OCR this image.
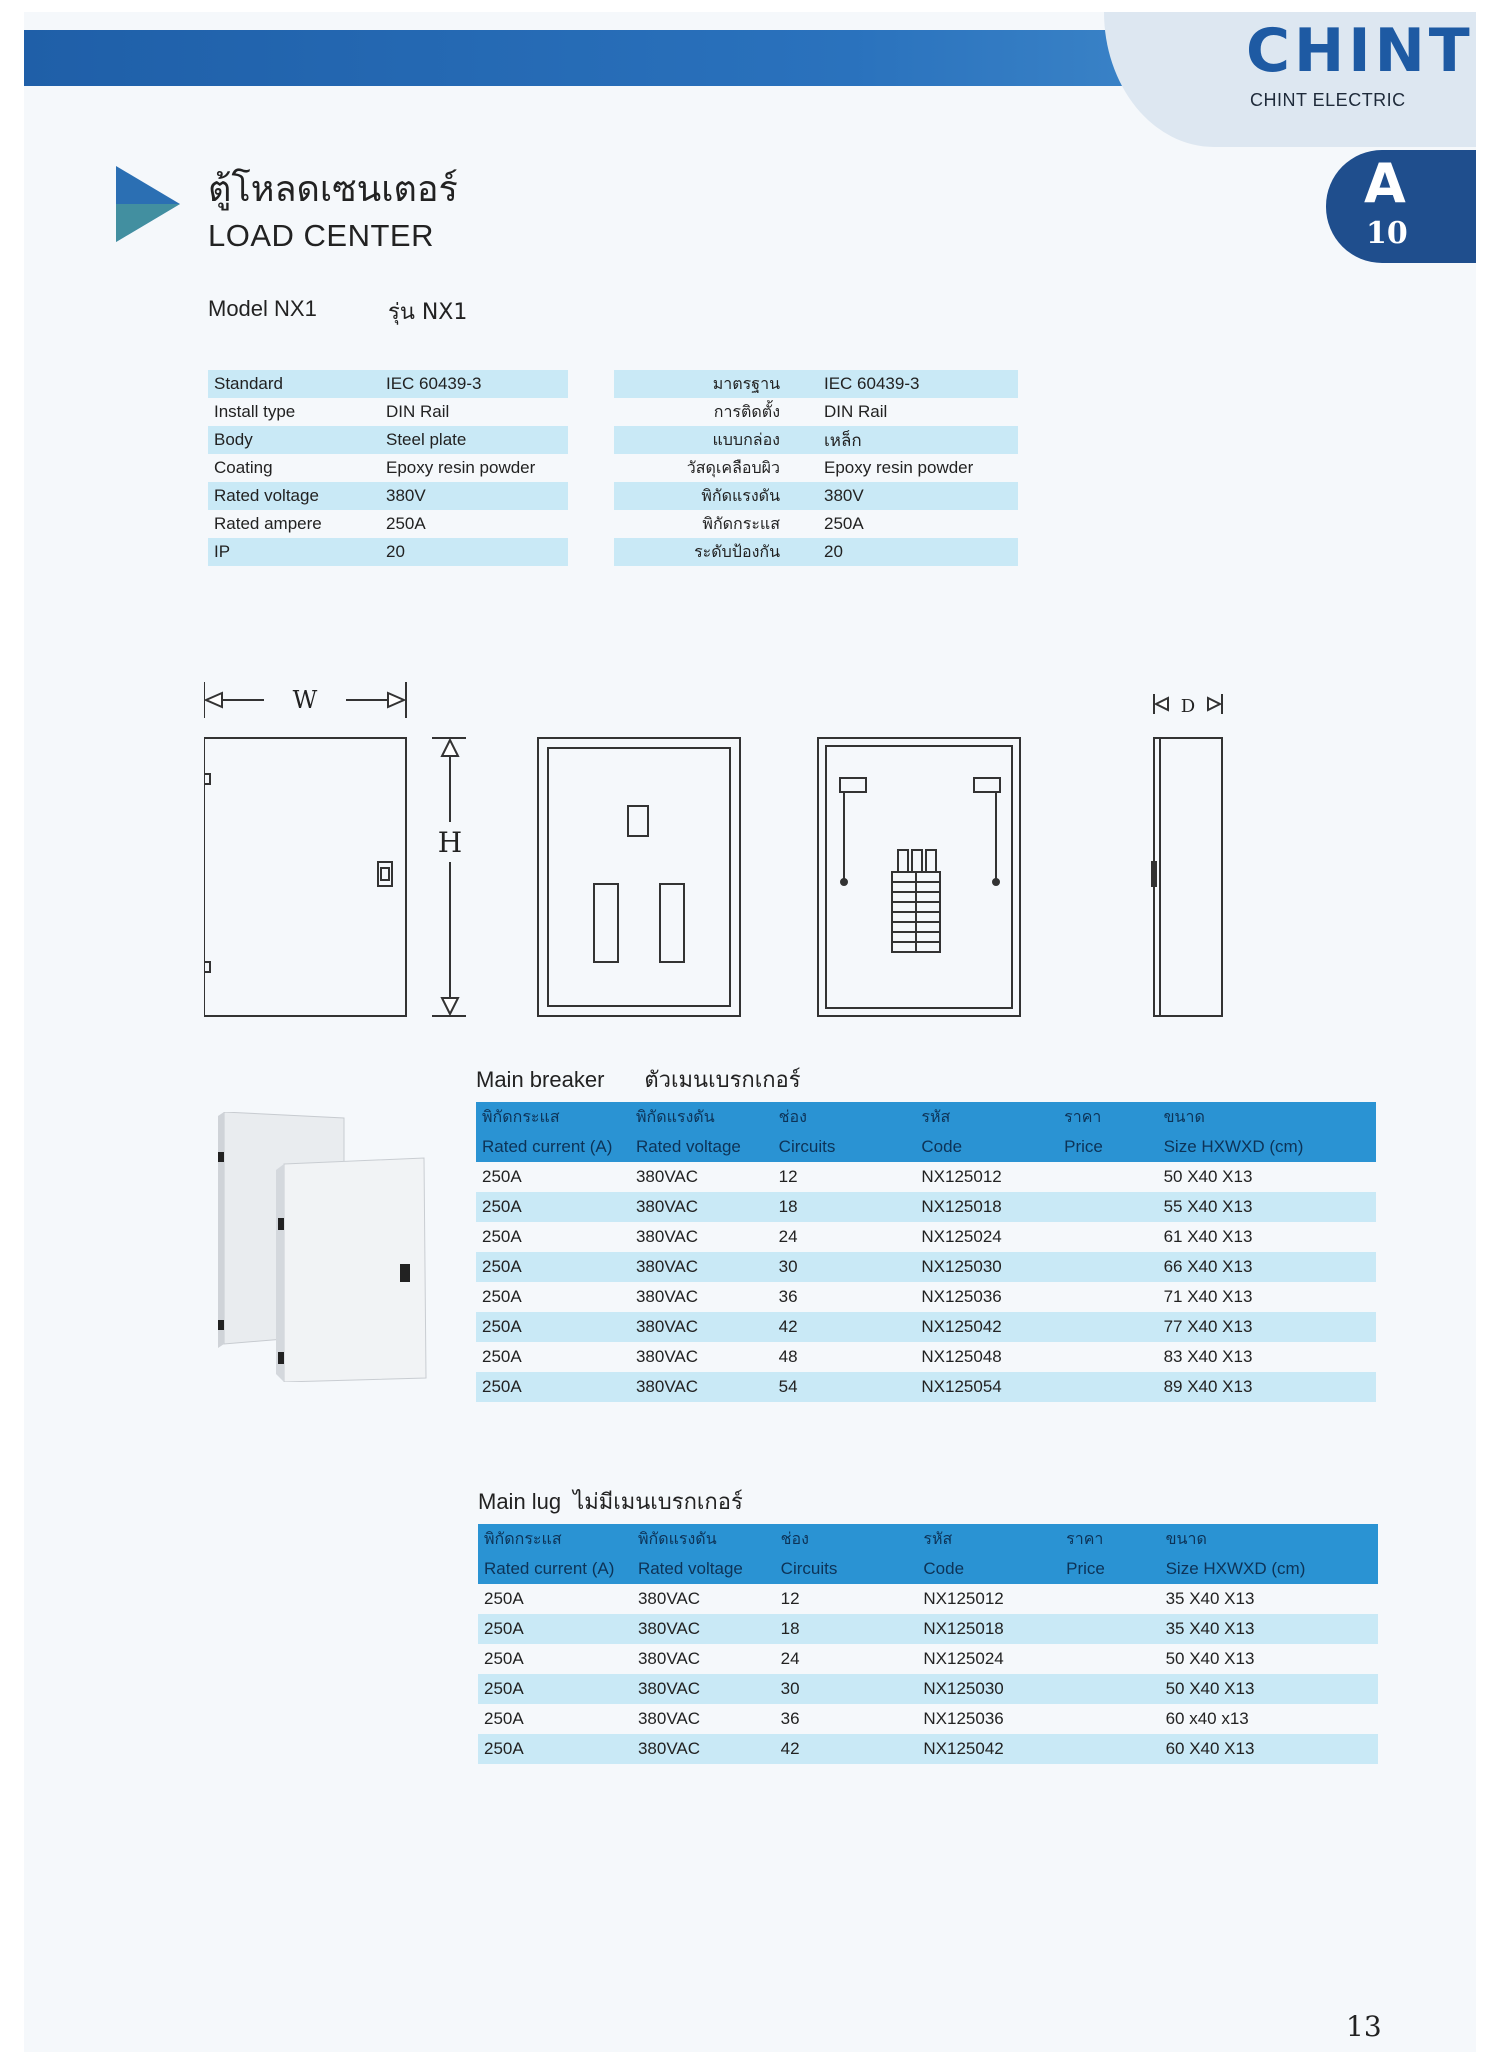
CHINT
CHINT ELECTRIC
A
10
ตู้โหลดเซนเตอร์
LOAD CENTER
Model NX1	รุ่น NX1
Standard	IEC 60439-3
Install type	DIN Rail
Body	Steel plate
Coating	Epoxy resin powder
Rated voltage	380V
Rated ampere	250A
IP	20
มาตรฐาน	IEC 60439-3
การติดตั้ง	DIN Rail
แบบกล่อง	เหล็ก
วัสดุเคลือบผิว	Epoxy resin powder
พิกัดแรงดัน	380V
พิกัดกระแส	250A
ระดับป้องกัน	20
W
H
D
Main breaker ตัวเมนเบรกเกอร์
พิกัดกระแส	พิกัดแรงดัน	ช่อง	รหัส	ราคา	ขนาด
Rated current (A)	Rated voltage	Circuits	Code	Price	Size HXWXD (cm)
250A	380VAC	12	NX125012		50 X40 X13
250A	380VAC	18	NX125018		55 X40 X13
250A	380VAC	24	NX125024		61 X40 X13
250A	380VAC	30	NX125030		66 X40 X13
250A	380VAC	36	NX125036		71 X40 X13
250A	380VAC	42	NX125042		77 X40 X13
250A	380VAC	48	NX125048		83 X40 X13
250A	380VAC	54	NX125054		89 X40 X13
Main lug ไม่มีเมนเบรกเกอร์
พิกัดกระแส	พิกัดแรงดัน	ช่อง	รหัส	ราคา	ขนาด
Rated current (A)	Rated voltage	Circuits	Code	Price	Size HXWXD (cm)
250A	380VAC	12	NX125012		35 X40 X13
250A	380VAC	18	NX125018		35 X40 X13
250A	380VAC	24	NX125024		50 X40 X13
250A	380VAC	30	NX125030		50 X40 X13
250A	380VAC	36	NX125036		60 x40 x13
250A	380VAC	42	NX125042		60 X40 X13
13
